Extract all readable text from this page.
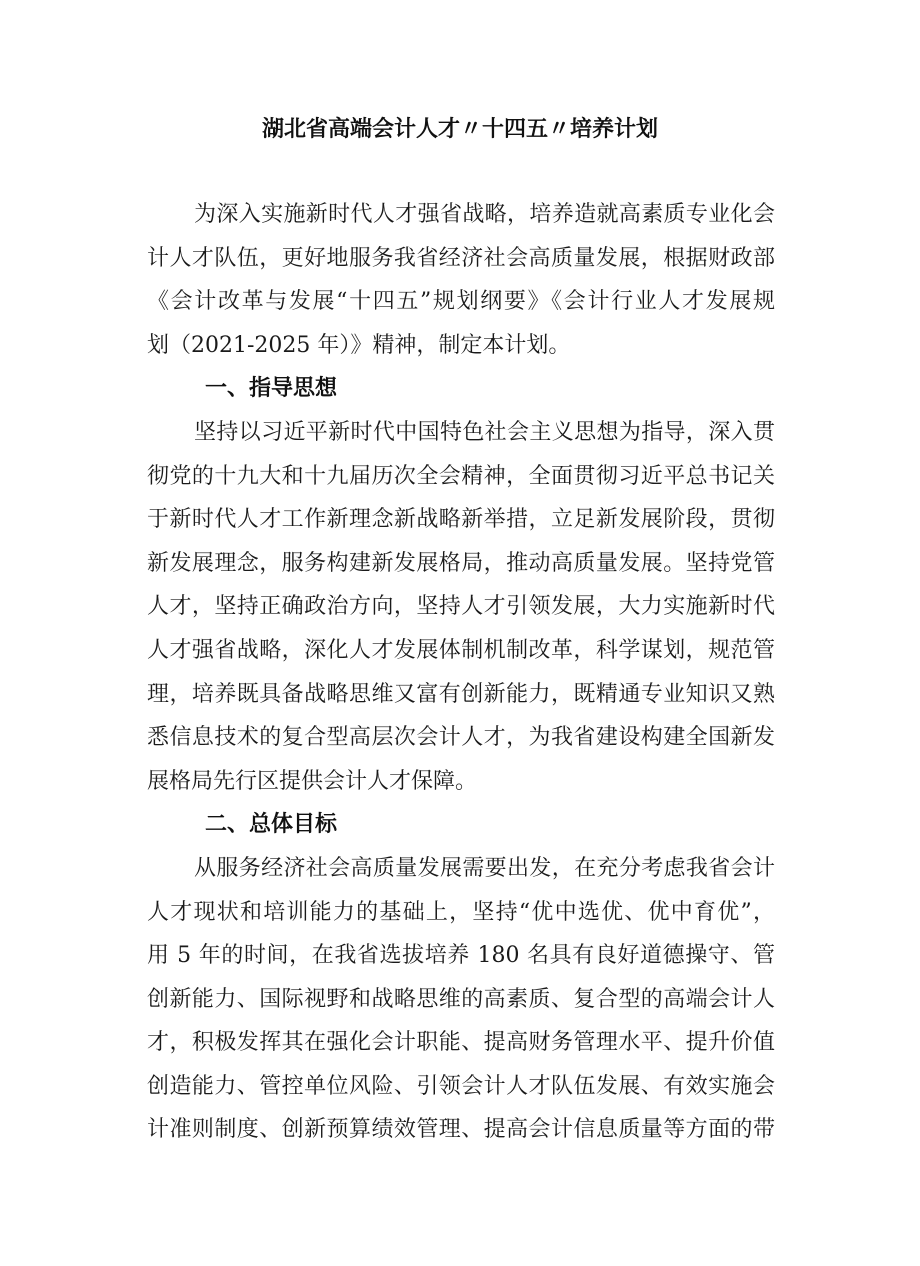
湖北省高端会计人才〃十四五〃培养计划
为深入实施新时代人才强省战略，培养造就高素质专业化会
计人才队伍，更好地服务我省经济社会高质量发展，根据财政部
《会计改革与发展“十四五”规划纲要》《会计行业人才发展规
划（2021-2025 年）》精神，制定本计划。
一、指导思想
坚持以习近平新时代中国特色社会主义思想为指导，深入贯
彻党的十九大和十九届历次全会精神，全面贯彻习近平总书记关
于新时代人才工作新理念新战略新举措，立足新发展阶段，贯彻
新发展理念，服务构建新发展格局，推动高质量发展。坚持党管
人才，坚持正确政治方向，坚持人才引领发展，大力实施新时代
人才强省战略，深化人才发展体制机制改革，科学谋划，规范管
理，培养既具备战略思维又富有创新能力，既精通专业知识又熟
悉信息技术的复合型高层次会计人才，为我省建设构建全国新发
展格局先行区提供会计人才保障。
二、总体目标
从服务经济社会高质量发展需要出发，在充分考虑我省会计
人才现状和培训能力的基础上，坚持“优中选优、优中育优”，
用 5 年的时间，在我省选拔培养 180 名具有良好道德操守、管
创新能力、国际视野和战略思维的高素质、复合型的高端会计人
才，积极发挥其在强化会计职能、提高财务管理水平、提升价值
创造能力、管控单位风险、引领会计人才队伍发展、有效实施会
计准则制度、创新预算绩效管理、提高会计信息质量等方面的带
